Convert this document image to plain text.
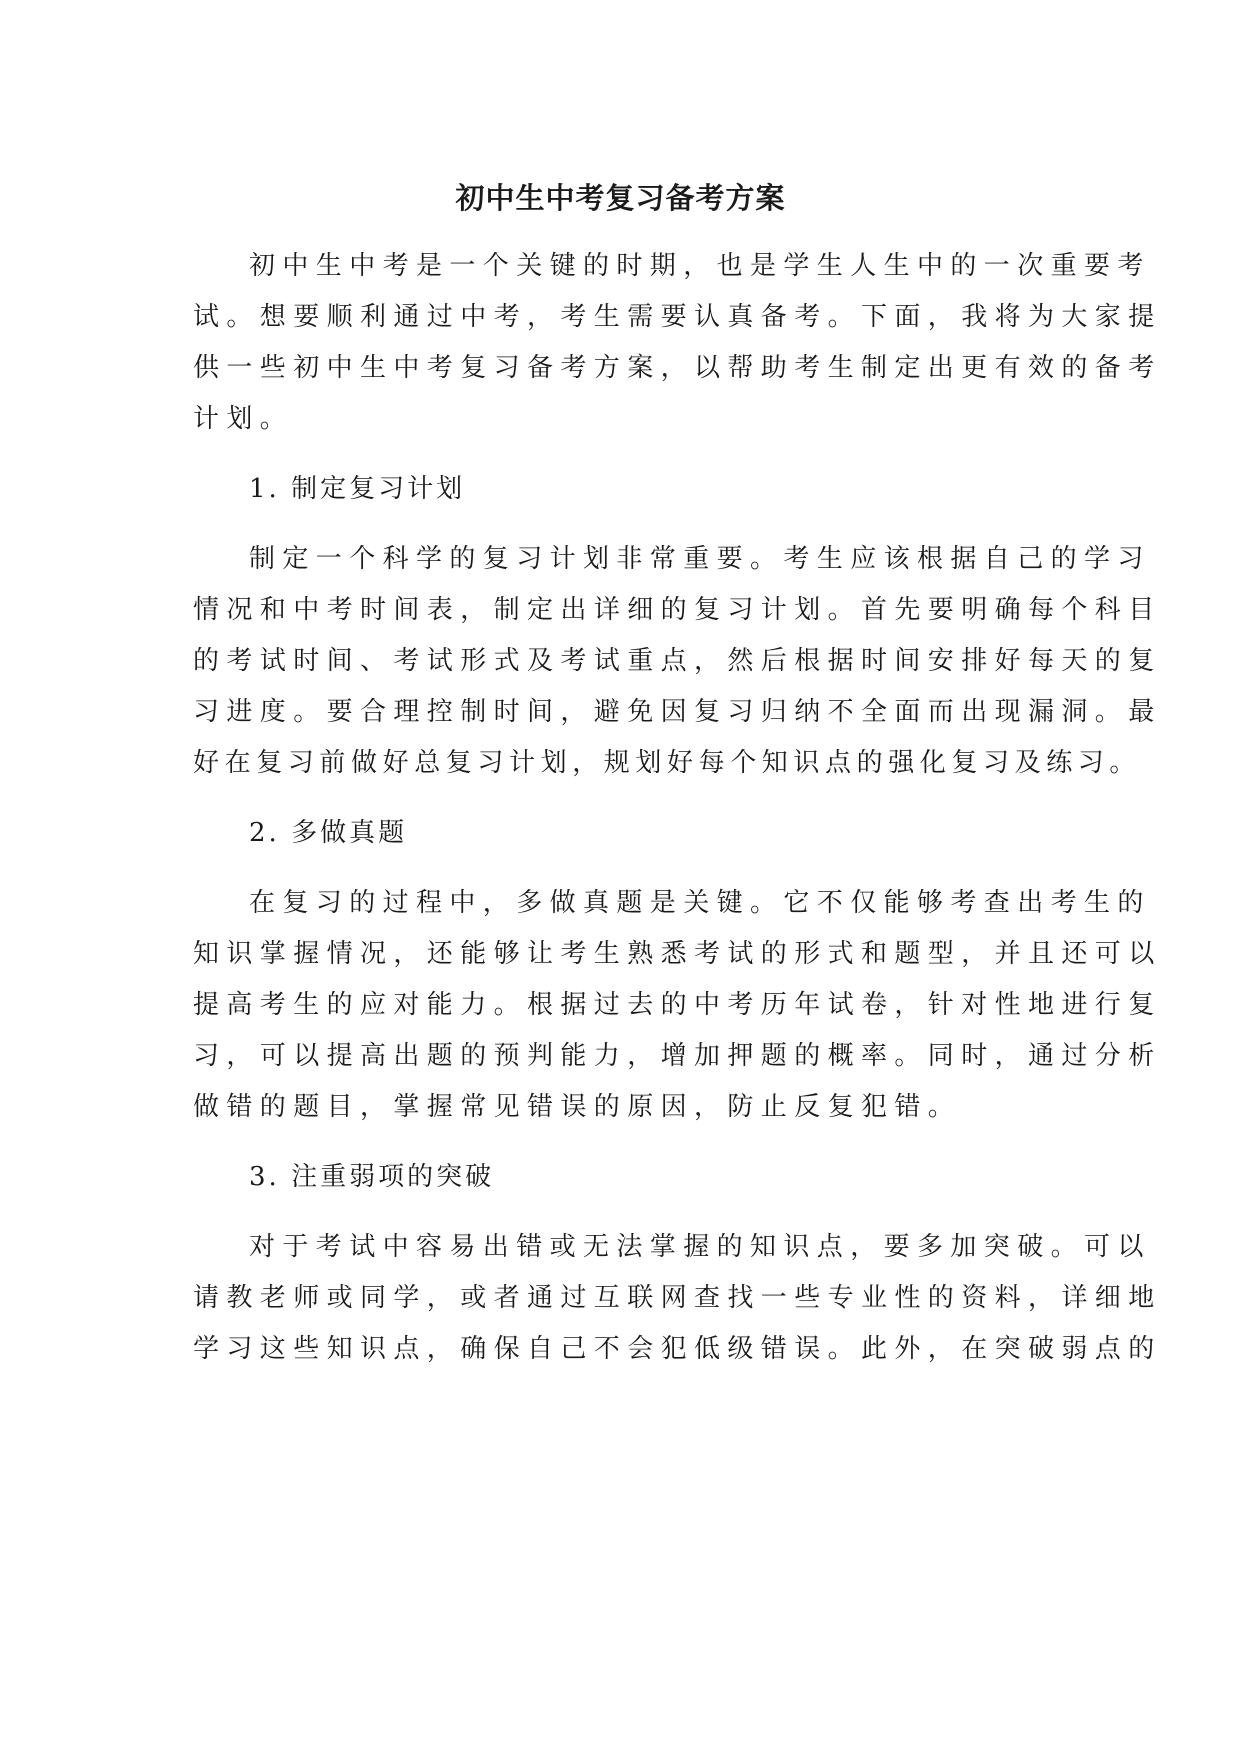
初中生中考复习备考方案

初中生中考是一个关键的时期，也是学生人生中的一次重要考

试。想要顺利通过中考，考生需要认真备考。下面，我将为大家提

供一些初中生中考复习备考方案，以帮助考生制定出更有效的备考

计划。

1. 制定复习计划

制定一个科学的复习计划非常重要。考生应该根据自己的学习

情况和中考时间表，制定出详细的复习计划。首先要明确每个科目

的考试时间、考试形式及考试重点，然后根据时间安排好每天的复

习进度。要合理控制时间，避免因复习归纳不全面而出现漏洞。最

好在复习前做好总复习计划，规划好每个知识点的强化复习及练习。

2. 多做真题

在复习的过程中，多做真题是关键。它不仅能够考查出考生的

知识掌握情况，还能够让考生熟悉考试的形式和题型，并且还可以

提高考生的应对能力。根据过去的中考历年试卷，针对性地进行复

习，可以提高出题的预判能力，增加押题的概率。同时，通过分析

做错的题目，掌握常见错误的原因，防止反复犯错。

3. 注重弱项的突破

对于考试中容易出错或无法掌握的知识点，要多加突破。可以

请教老师或同学，或者通过互联网查找一些专业性的资料，详细地

学习这些知识点，确保自己不会犯低级错误。此外，在突破弱点的
